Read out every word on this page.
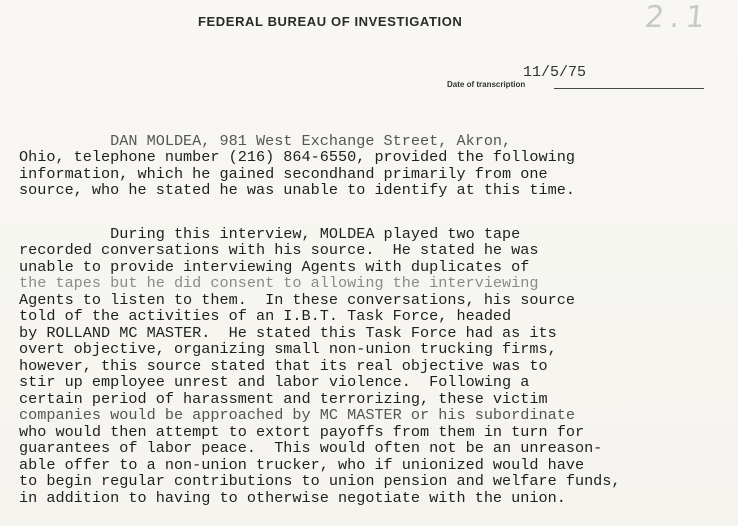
FEDERAL BUREAU OF INVESTIGATION	2.1
11/5/75
Date of transcription

DAN MOLDEA, 981 West Exchange Street, Akron,
Ohio, telephone number (216) 864-6550, provided the following
information, which he gained secondhand primarily from one
source, who he stated he was unable to identify at this time.

During this interview, MOLDEA played two tape
recorded conversations with his source.  He stated he was
unable to provide interviewing Agents with duplicates of
the tapes but he did consent to allowing the interviewing
Agents to listen to them.  In these conversations, his source
told of the activities of an I.B.T. Task Force, headed
by ROLLAND MC MASTER.  He stated this Task Force had as its
overt objective, organizing small non-union trucking firms,
however, this source stated that its real objective was to
stir up employee unrest and labor violence.  Following a
certain period of harassment and terrorizing, these victim
companies would be approached by MC MASTER or his subordinate
who would then attempt to extort payoffs from them in turn for
guarantees of labor peace.  This would often not be an unreason-
able offer to a non-union trucker, who if unionized would have
to begin regular contributions to union pension and welfare funds,
in addition to having to otherwise negotiate with the union.
